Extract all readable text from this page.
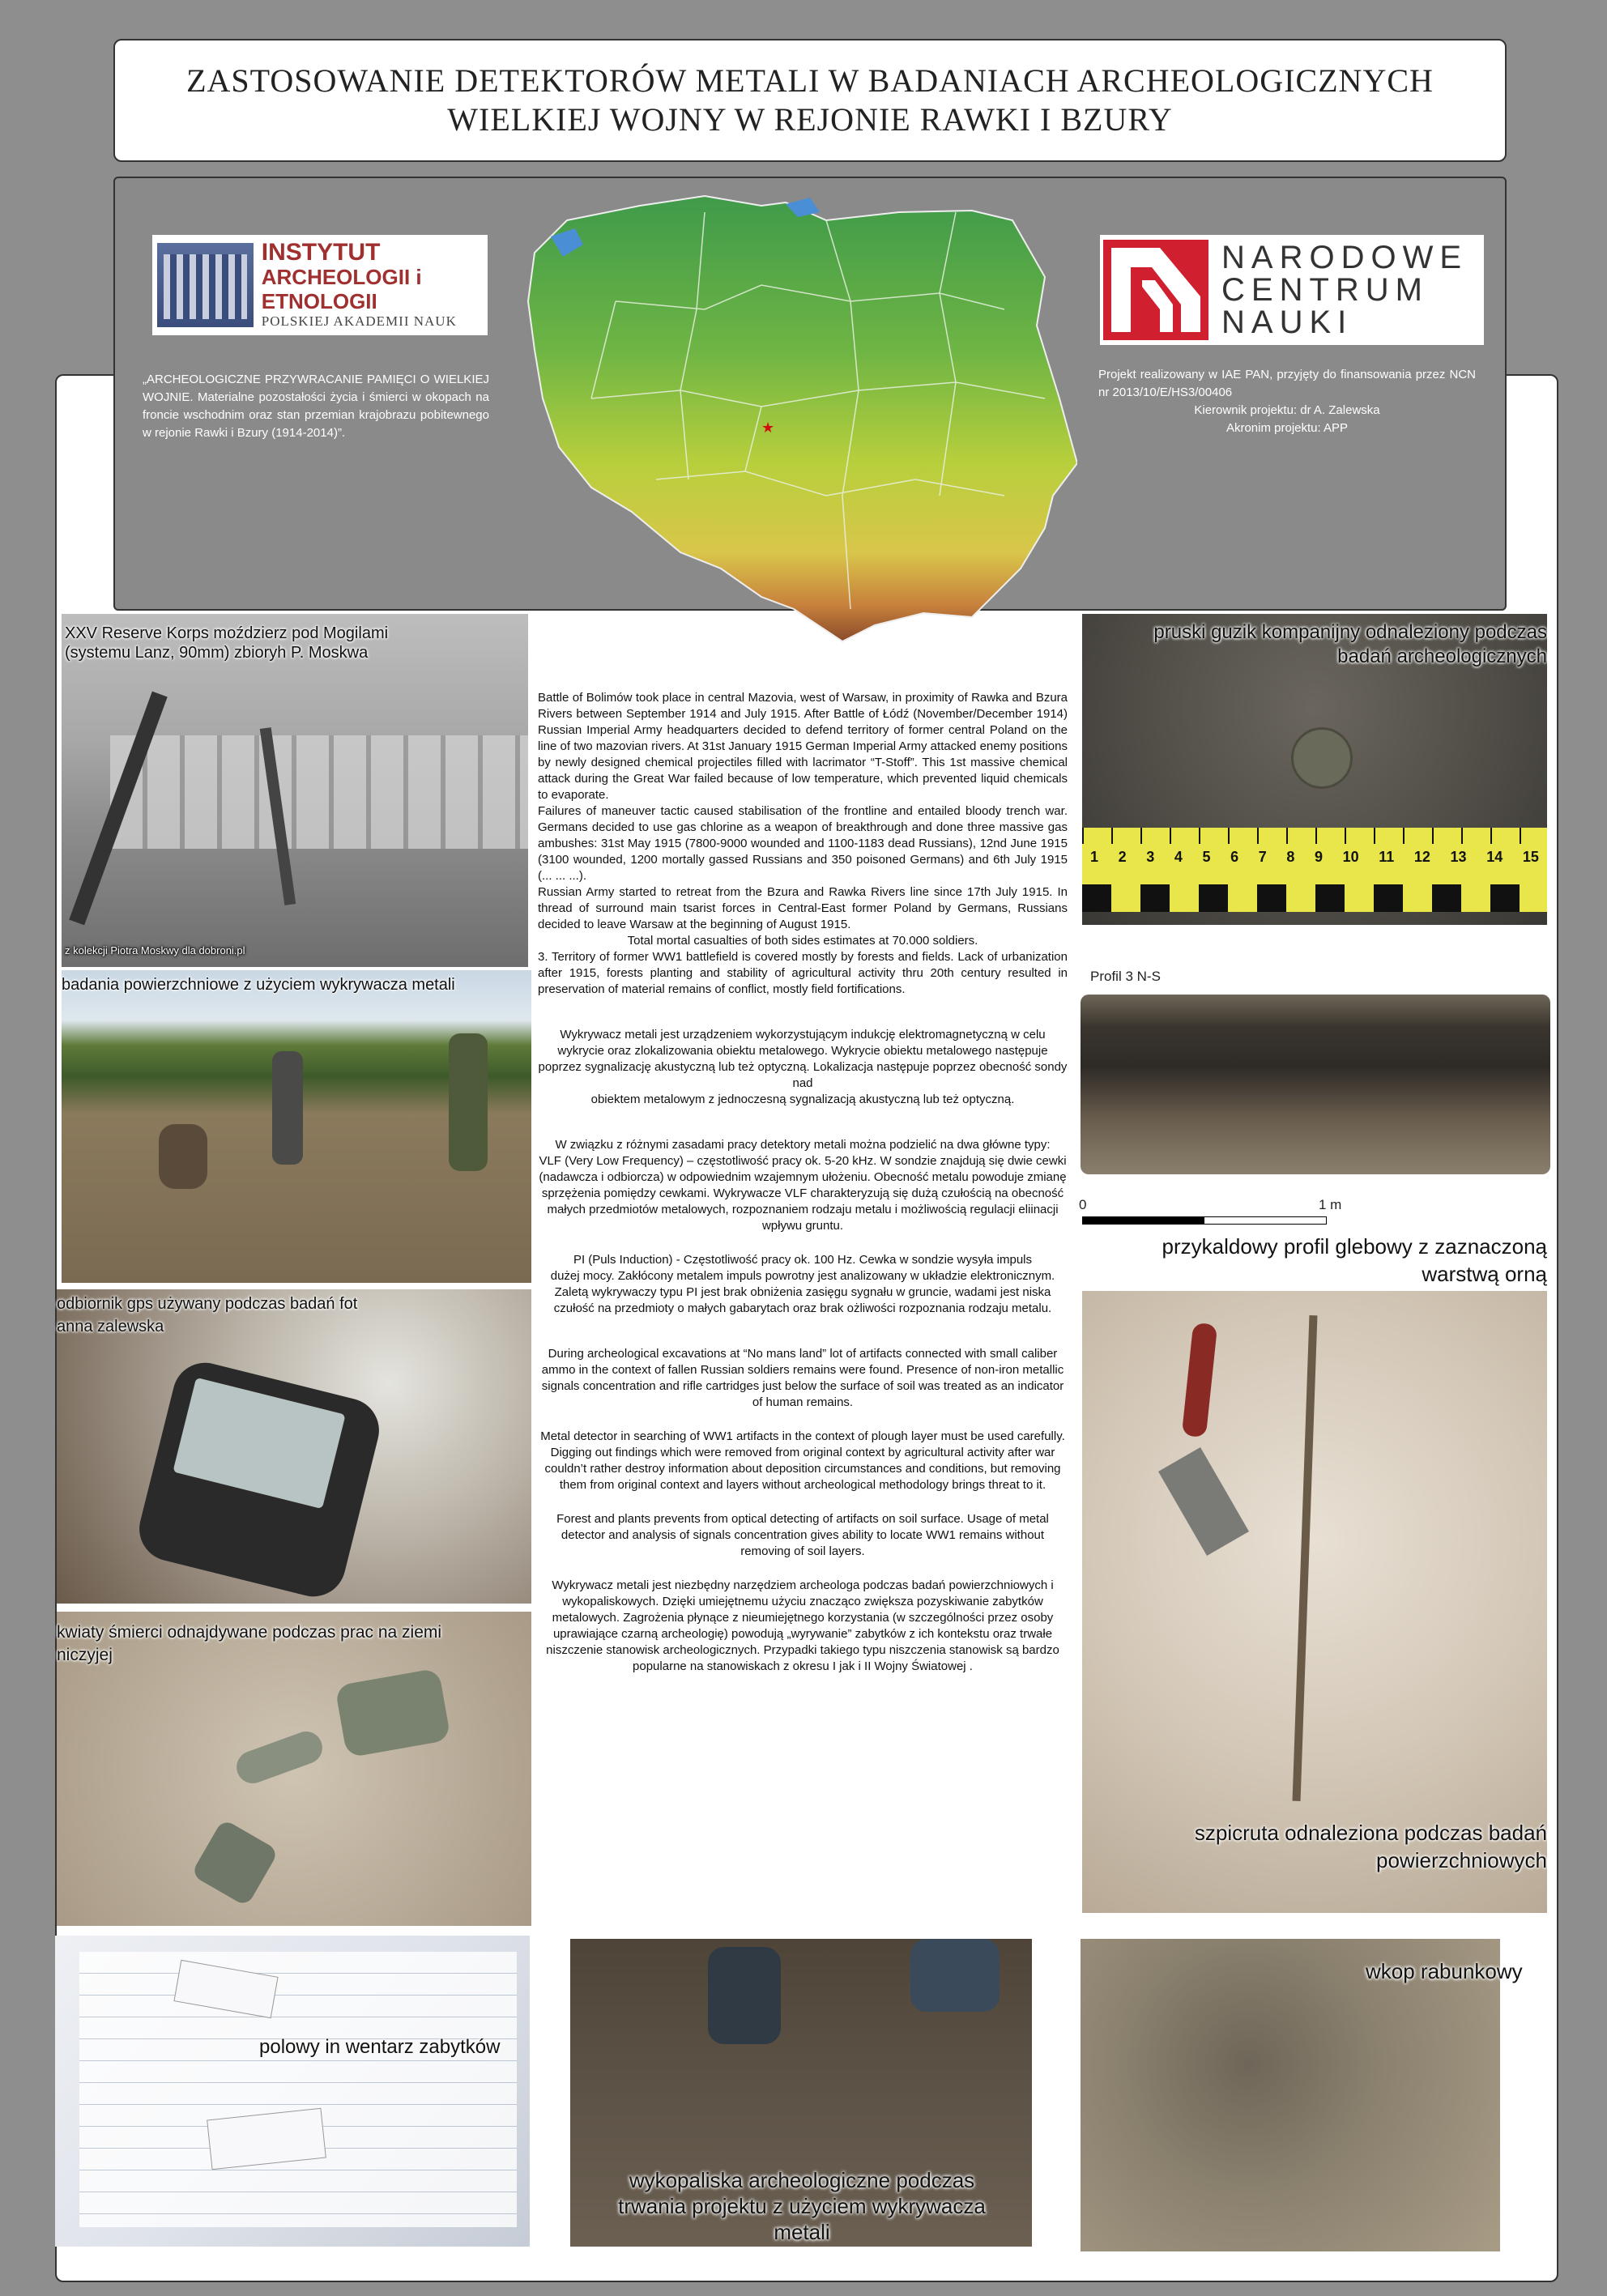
ZASTOSOWANIE DETEKTORÓW METALI W BADANIACH ARCHEOLOGICZNYCH
WIELKIEJ WOJNY W REJONIE RAWKI I BZURY
★
INSTYTUT
ARCHEOLOGII i ETNOLOGII
POLSKIEJ AKADEMII NAUK
NARODOWE
CENTRUM
NAUKI
„ARCHEOLOGICZNE PRZYWRACANIE PAMIĘCI O WIELKIEJ WOJNIE. Materialne pozostałości życia i śmierci w okopach na froncie wschodnim oraz stan przemian krajobrazu pobitewnego w rejonie Rawki i Bzury (1914-2014)”.
Projekt realizowany w IAE PAN, przyjęty do finansowania przez NCN nr 2013/10/E/HS3/00406
Kierownik projektu: dr A. Zalewska
Akronim projektu: APP
XXV Reserve Korps moździerz pod Mogilami (systemu Lanz, 90mm) zbioryh P. Moskwa
z kolekcji Piotra Moskwy dla dobroni.pl
badania powierzchniowe z użyciem wykrywacza metali
odbiornik gps używany podczas badań fot anna zalewska
kwiaty śmierci odnajdywane podczas prac na ziemi niczyjej
polowy in wentarz zabytków
wykopaliska archeologiczne podczas trwania projektu z użyciem wykrywacza metali
1 2 3 4 5 6 7 8 9 10 11 12 13 14 15
pruski guzik kompanijny odnaleziony podczas badań archeologicznych
Profil 3 N-S
0	1 m
przykaldowy profil glebowy z zaznaczoną warstwą orną
szpicruta odnaleziona podczas badań powierzchniowych
wkop rabunkowy

Battle of Bolimów took place in central Mazovia, west of Warsaw, in proximity of Rawka and Bzura Rivers between September 1914 and July 1915. After Battle of Łódź (November/December 1914) Russian Imperial Army headquarters decided to defend territory of former central Poland on the line of two mazovian rivers. At 31st January 1915 German Imperial Army attacked enemy positions by newly designed chemical projectiles filled with lacrimator “T-Stoff”. This 1st massive chemical attack during the Great War failed because of low temperature, which prevented liquid chemicals to evaporate.

Failures of maneuver tactic caused stabilisation of the frontline and entailed bloody trench war. Germans decided to use gas chlorine as a weapon of breakthrough and done three massive gas ambushes: 31st May 1915 (7800-9000 wounded and 1100-1183 dead Russians), 12nd June 1915 (3100 wounded, 1200 mortally gassed Russians and 350 poisoned Germans) and 6th July 1915 (... ... ...).

Russian Army started to retreat from the Bzura and Rawka Rivers line since 17th July 1915. In thread of surround main tsarist forces in Central-East former Poland by Germans, Russians decided to leave Warsaw at the beginning of August 1915.

Total mortal casualties of both sides estimates at 70.000 soldiers.

3. Territory of former WW1 battlefield is covered mostly by forests and fields. Lack of urbanization after 1915, forests planting and stability of agricultural activity thru 20th century resulted in preservation of material remains of conflict, mostly field fortifications.

Wykrywacz metali jest urządzeniem wykorzystującym indukcję elektromagnetyczną w celu wykrycie oraz zlokalizowania obiektu metalowego. Wykrycie obiektu metalowego następuje poprzez sygnalizację akustyczną lub też optyczną. Lokalizacja następuje poprzez obecność sondy nad

obiektem metalowym z jednoczesną sygnalizacją akustyczną lub też optyczną.

W związku z różnymi zasadami pracy detektory metali można podzielić na dwa główne typy:

VLF (Very Low Frequency) – częstotliwość pracy ok. 5-20 kHz. W sondzie znajdują się dwie cewki (nadawcza i odbiorcza) w odpowiednim wzajemnym ułożeniu. Obecność metalu powoduje zmianę sprzężenia pomiędzy cewkami. Wykrywacze VLF charakteryzują się dużą czułością na obecność małych przedmiotów metalowych, rozpoznaniem rodzaju metalu i możliwością regulacji eliinacji wpływu gruntu.

PI (Puls Induction) - Częstotliwość pracy ok. 100 Hz. Cewka w sondzie wysyła impuls

dużej mocy. Zakłócony metalem impuls powrotny jest analizowany w układzie elektronicznym. Zaletą wykrywaczy typu PI jest brak obniżenia zasięgu sygnału w gruncie, wadami jest niska czułość na przedmioty o małych gabarytach oraz brak ożliwości rozpoznania rodzaju metalu.

During archeological excavations at “No mans land” lot of artifacts connected with small caliber ammo in the context of fallen Russian soldiers remains were found. Presence of non-iron metallic signals concentration and rifle cartridges just below the surface of soil was treated as an indicator of human remains.

Metal detector in searching of WW1 artifacts in the context of plough layer must be used carefully. Digging out findings which were removed from original context by agricultural activity after war couldn’t rather destroy information about deposition circumstances and conditions, but removing them from original context and layers without archeological methodology brings threat to it.

Forest and plants prevents from optical detecting of artifacts on soil surface. Usage of metal detector and analysis of signals concentration gives ability to locate WW1 remains without removing of soil layers.

Wykrywacz metali jest niezbędny narzędziem archeologa podczas badań powierzchniowych i wykopaliskowych. Dzięki umiejętnemu użyciu znacząco zwiększa pozyskiwanie zabytków metalowych. Zagrożenia płynące z nieumiejętnego korzystania (w szczególności przez osoby uprawiające czarną archeologię) powodują „wyrywanie” zabytków z ich kontekstu oraz trwałe niszczenie stanowisk archeologicznych. Przypadki takiego typu niszczenia stanowisk są bardzo popularne na stanowiskach z okresu I jak i II Wojny Światowej .
